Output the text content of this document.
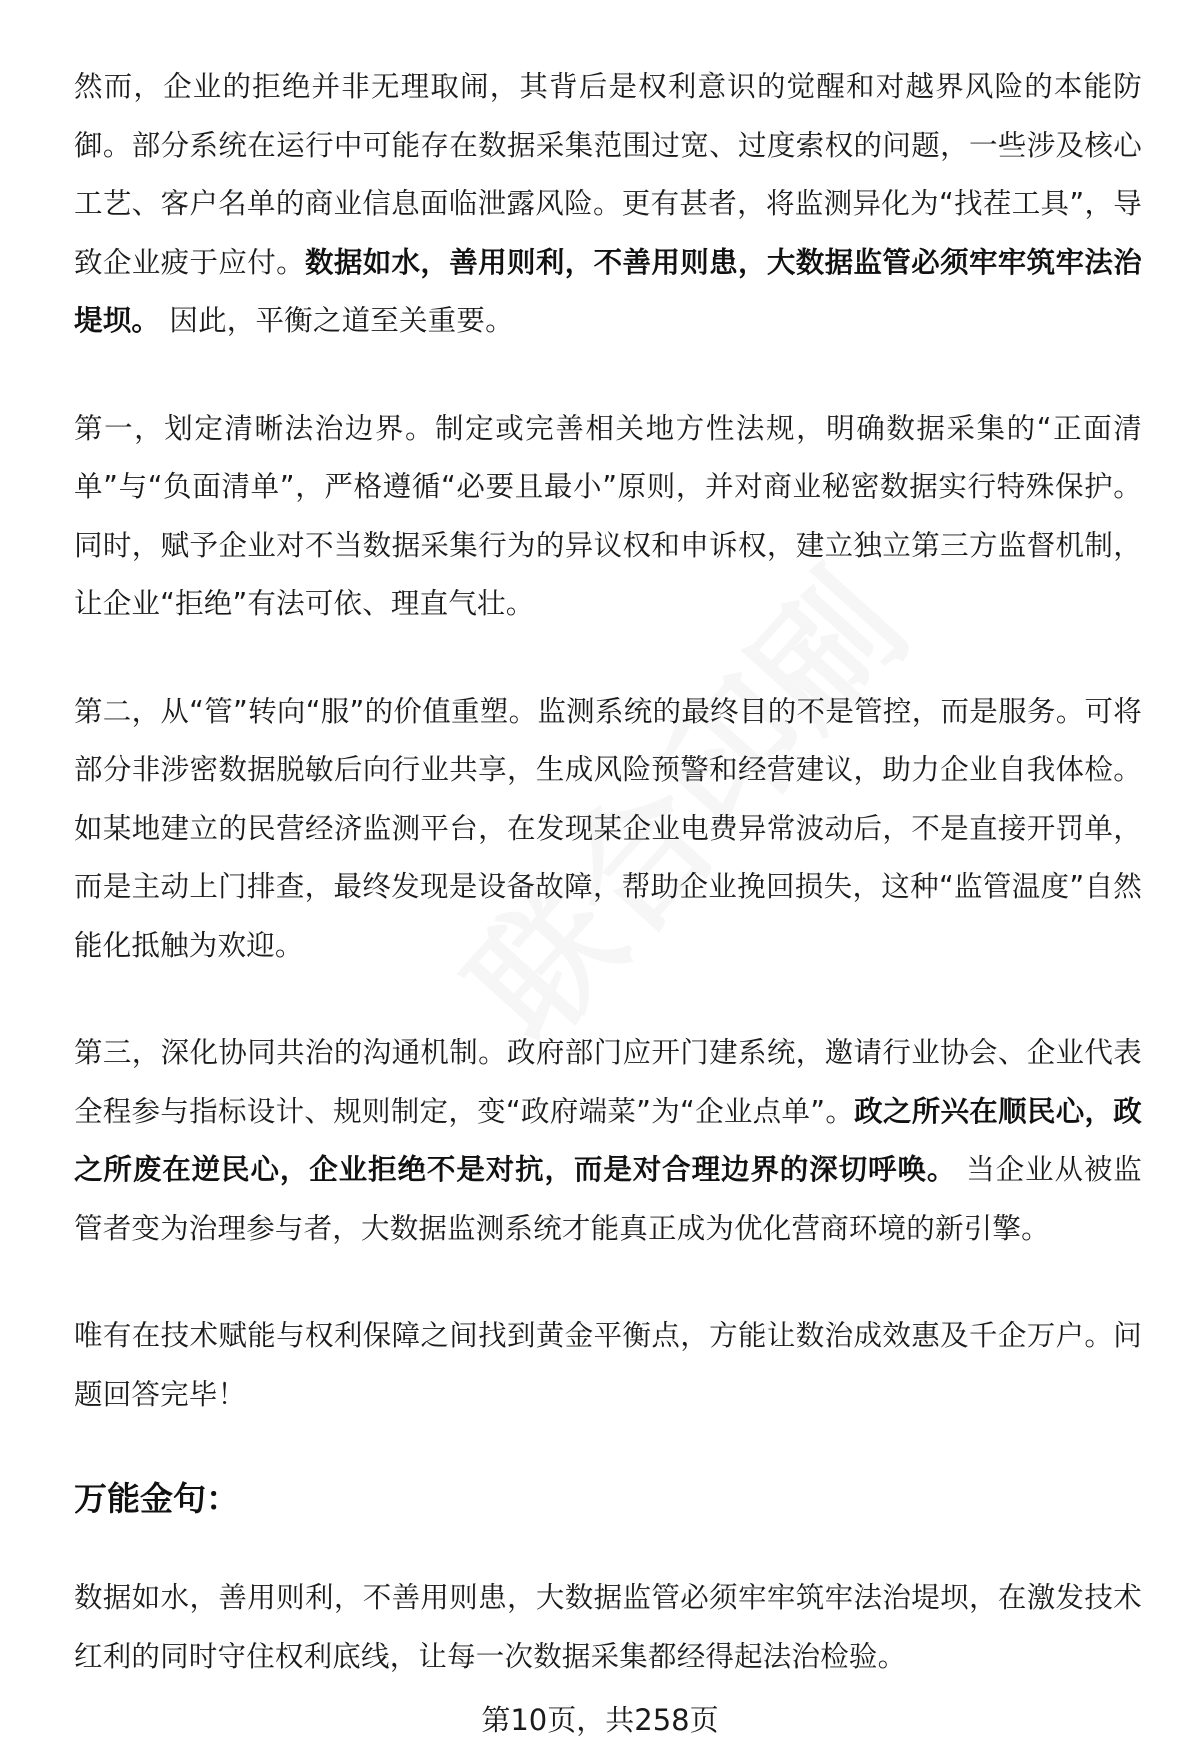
然而，企业的拒绝并非无理取闹，其背后是权利意识的觉醒和对越界风险的本能防御。部分系统在运行中可能存在数据采集范围过宽、过度索权的问题，一些涉及核心工艺、客户名单的商业信息面临泄露风险。更有甚者，将监测异化为“找茬工具”，导致企业疲于应付。数据如水，善用则利，不善用则患，大数据监管必须牢牢筑牢法治堤坝。 因此，平衡之道至关重要。

第一，划定清晰法治边界。制定或完善相关地方性法规，明确数据采集的“正面清单”与“负面清单”，严格遵循“必要且最小”原则，并对商业秘密数据实行特殊保护。同时，赋予企业对不当数据采集行为的异议权和申诉权，建立独立第三方监督机制，让企业“拒绝”有法可依、理直气壮。

第二，从“管”转向“服”的价值重塑。监测系统的最终目的不是管控，而是服务。可将部分非涉密数据脱敏后向行业共享，生成风险预警和经营建议，助力企业自我体检。如某地建立的民营经济监测平台，在发现某企业电费异常波动后，不是直接开罚单，而是主动上门排查，最终发现是设备故障，帮助企业挽回损失，这种“监管温度”自然能化抵触为欢迎。

第三，深化协同共治的沟通机制。政府部门应开门建系统，邀请行业协会、企业代表全程参与指标设计、规则制定，变“政府端菜”为“企业点单”。政之所兴在顺民心，政之所废在逆民心，企业拒绝不是对抗，而是对合理边界的深切呼唤。 当企业从被监管者变为治理参与者，大数据监测系统才能真正成为优化营商环境的新引擎。

唯有在技术赋能与权利保障之间找到黄金平衡点，方能让数治成效惠及千企万户。问题回答完毕！

万能金句：

数据如水，善用则利，不善用则患，大数据监管必须牢牢筑牢法治堤坝，在激发技术红利的同时守住权利底线，让每一次数据采集都经得起法治检验。

第10页，共258页
